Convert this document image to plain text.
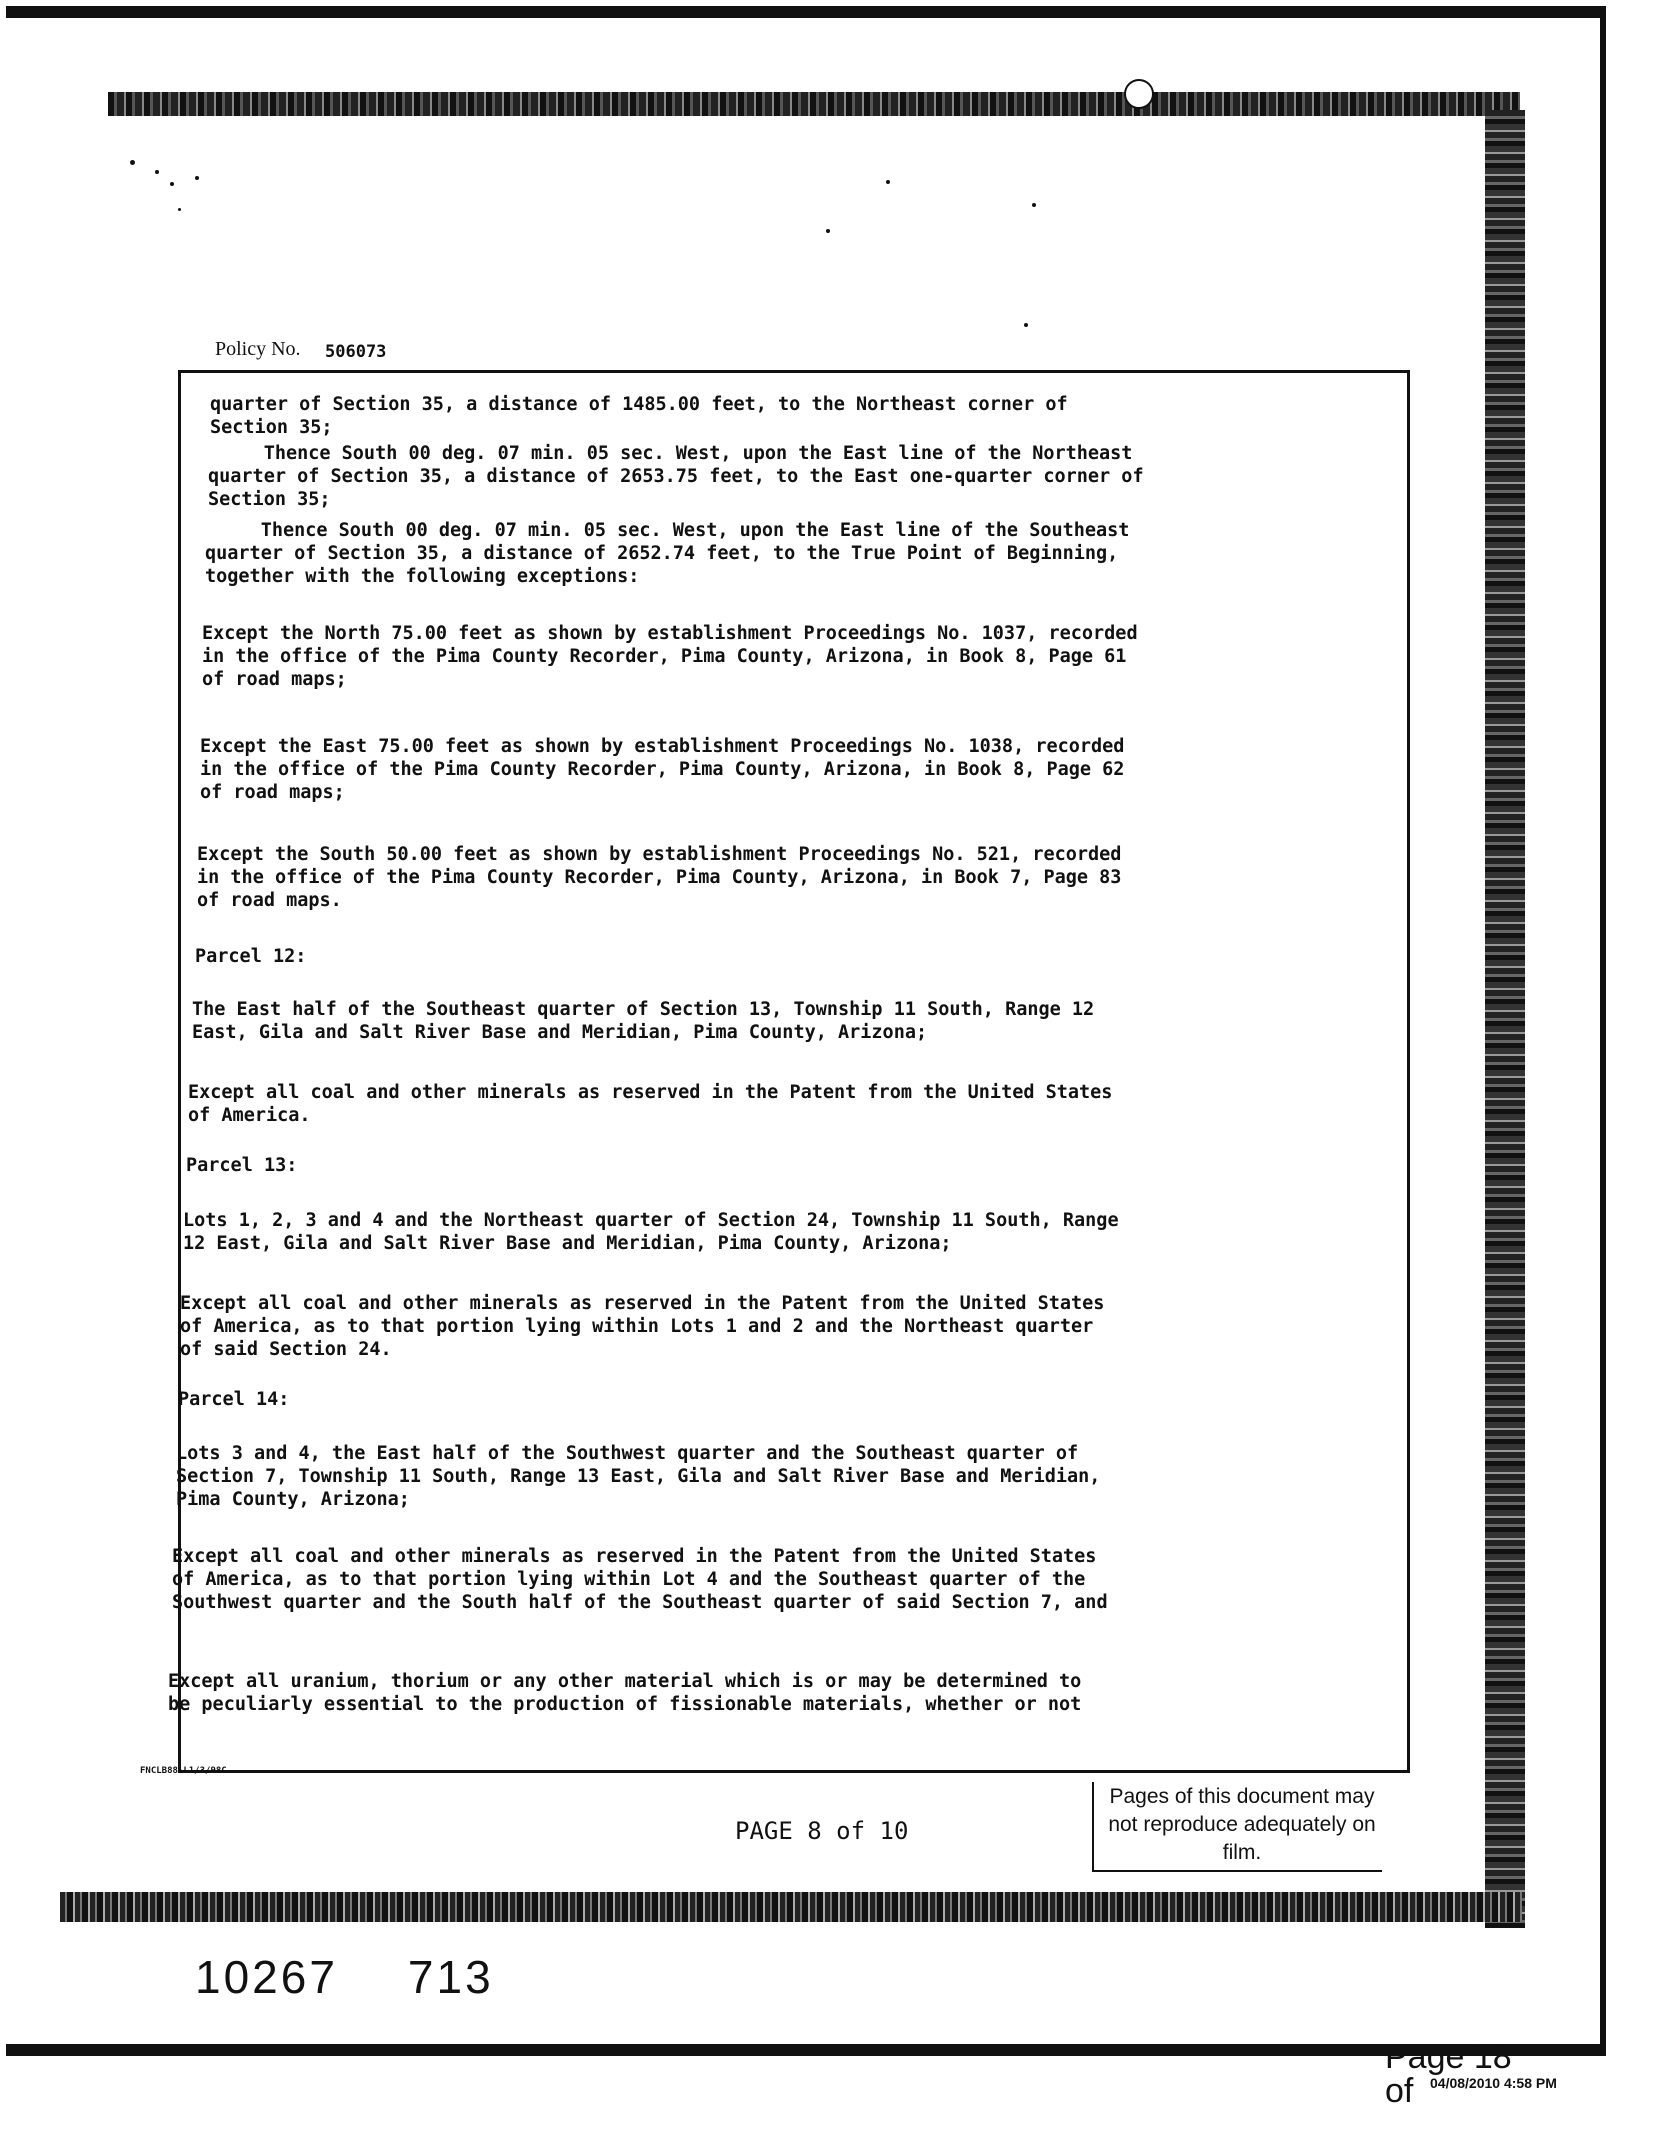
Policy No. 506073

quarter of Section 35, a distance of 1485.00 feet, to the Northeast corner of
Section 35;

Thence South 00 deg. 07 min. 05 sec. West, upon the East line of the Northeast
quarter of Section 35, a distance of 2653.75 feet, to the East one-quarter corner of
Section 35;

Thence South 00 deg. 07 min. 05 sec. West, upon the East line of the Southeast
quarter of Section 35, a distance of 2652.74 feet, to the True Point of Beginning,
together with the following exceptions:

Except the North 75.00 feet as shown by establishment Proceedings No. 1037, recorded
in the office of the Pima County Recorder, Pima County, Arizona, in Book 8, Page 61
of road maps;

Except the East 75.00 feet as shown by establishment Proceedings No. 1038, recorded
in the office of the Pima County Recorder, Pima County, Arizona, in Book 8, Page 62
of road maps;

Except the South 50.00 feet as shown by establishment Proceedings No. 521, recorded
in the office of the Pima County Recorder, Pima County, Arizona, in Book 7, Page 83
of road maps.

Parcel 12:

The East half of the Southeast quarter of Section 13, Township 11 South, Range 12
East, Gila and Salt River Base and Meridian, Pima County, Arizona;

Except all coal and other minerals as reserved in the Patent from the United States
of America.

Parcel 13:

Lots 1, 2, 3 and 4 and the Northeast quarter of Section 24, Township 11 South, Range
12 East, Gila and Salt River Base and Meridian, Pima County, Arizona;

Except all coal and other minerals as reserved in the Patent from the United States
of America, as to that portion lying within Lots 1 and 2 and the Northeast quarter
of said Section 24.

Parcel 14:

Lots 3 and 4, the East half of the Southwest quarter and the Southeast quarter of
Section 7, Township 11 South, Range 13 East, Gila and Salt River Base and Meridian,
Pima County, Arizona;

Except all coal and other minerals as reserved in the Patent from the United States
of America, as to that portion lying within Lot 4 and the Southeast quarter of the
Southwest quarter and the South half of the Southeast quarter of said Section 7, and

Except all uranium, thorium or any other material which is or may be determined to
be peculiarly essential to the production of fissionable materials, whether or not

FNCLB88-L1/3/98C
PAGE 8 of 10

Pages of this document may not reproduce adequately on film.

10267 713
Page 18 of	04/08/2010 4:58 PM
